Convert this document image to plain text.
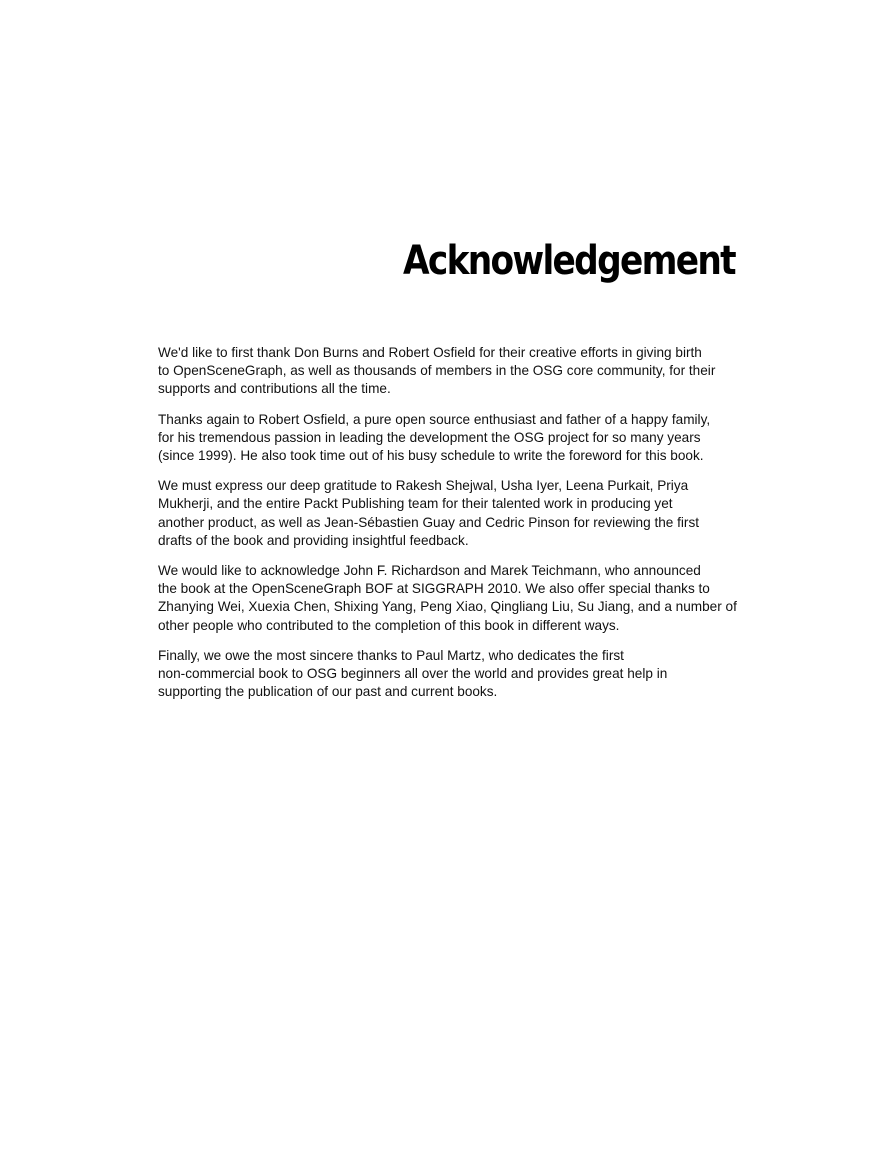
Acknowledgement

We'd like to first thank Don Burns and Robert Osfield for their creative efforts in giving birth
to OpenSceneGraph, as well as thousands of members in the OSG core community, for their
supports and contributions all the time.

Thanks again to Robert Osfield, a pure open source enthusiast and father of a happy family,
for his tremendous passion in leading the development the OSG project for so many years
(since 1999). He also took time out of his busy schedule to write the foreword for this book.

We must express our deep gratitude to Rakesh Shejwal, Usha Iyer, Leena Purkait, Priya
Mukherji, and the entire Packt Publishing team for their talented work in producing yet
another product, as well as Jean-Sébastien Guay and Cedric Pinson for reviewing the first
drafts of the book and providing insightful feedback.

We would like to acknowledge John F. Richardson and Marek Teichmann, who announced
the book at the OpenSceneGraph BOF at SIGGRAPH 2010. We also offer special thanks to
Zhanying Wei, Xuexia Chen, Shixing Yang, Peng Xiao, Qingliang Liu, Su Jiang, and a number of
other people who contributed to the completion of this book in different ways.

Finally, we owe the most sincere thanks to Paul Martz, who dedicates the first
non-commercial book to OSG beginners all over the world and provides great help in
supporting the publication of our past and current books.
